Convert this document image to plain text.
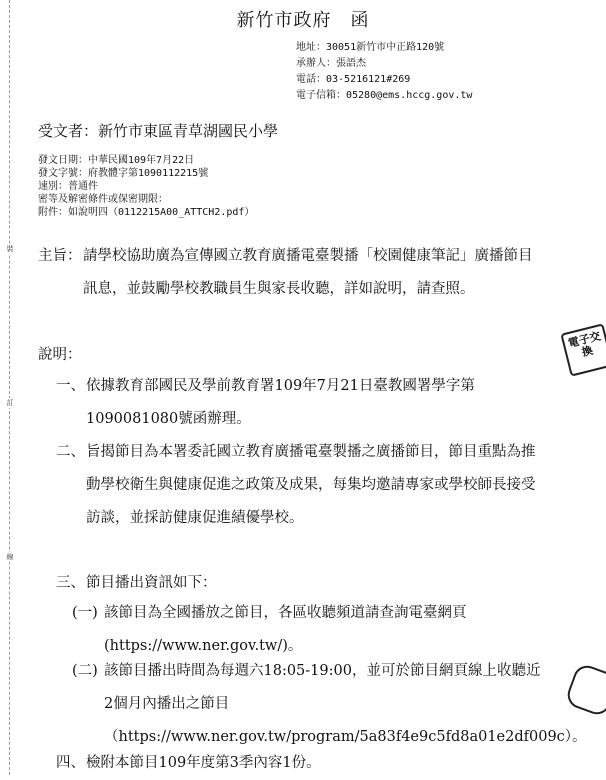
裝
訂
線
新竹市政府　函
地址：30051新竹市中正路120號
承辦人：張語杰
電話：03-5216121#269
電子信箱：05280@ems.hccg.gov.tw
受文者：新竹市東區青草湖國民小學
發文日期：中華民國109年7月22日
發文字號：府教體字第1090112215號
速別：普通件
密等及解密條件或保密期限：
附件：如說明四（0112215A00_ATTCH2.pdf）
主旨： 請學校協助廣為宣傳國立教育廣播電臺製播「校園健康筆記」廣播節目訊息，並鼓勵學校教職員生與家長收聽，詳如說明，請查照。
說明：
一、 依據教育部國民及學前教育署109年7月21日臺教國署學字第1090081080號函辦理。
二、 旨揭節目為本署委託國立教育廣播電臺製播之廣播節目，節目重點為推動學校衛生與健康促進之政策及成果，每集均邀請專家或學校師長接受訪談，並採訪健康促進績優學校。
三、 節目播出資訊如下：
(一) 該節目為全國播放之節目，各區收聽頻道請查詢電臺網頁(https://www.ner.gov.tw/)。
(二) 該節目播出時間為每週六18:05-19:00，並可於節目網頁線上收聽近2個月內播出之節目（https://www.ner.gov.tw/program/5a83f4e9c5fd8a01e2df009c）。
四、 檢附本節目109年度第3季內容1份。
電子交換
